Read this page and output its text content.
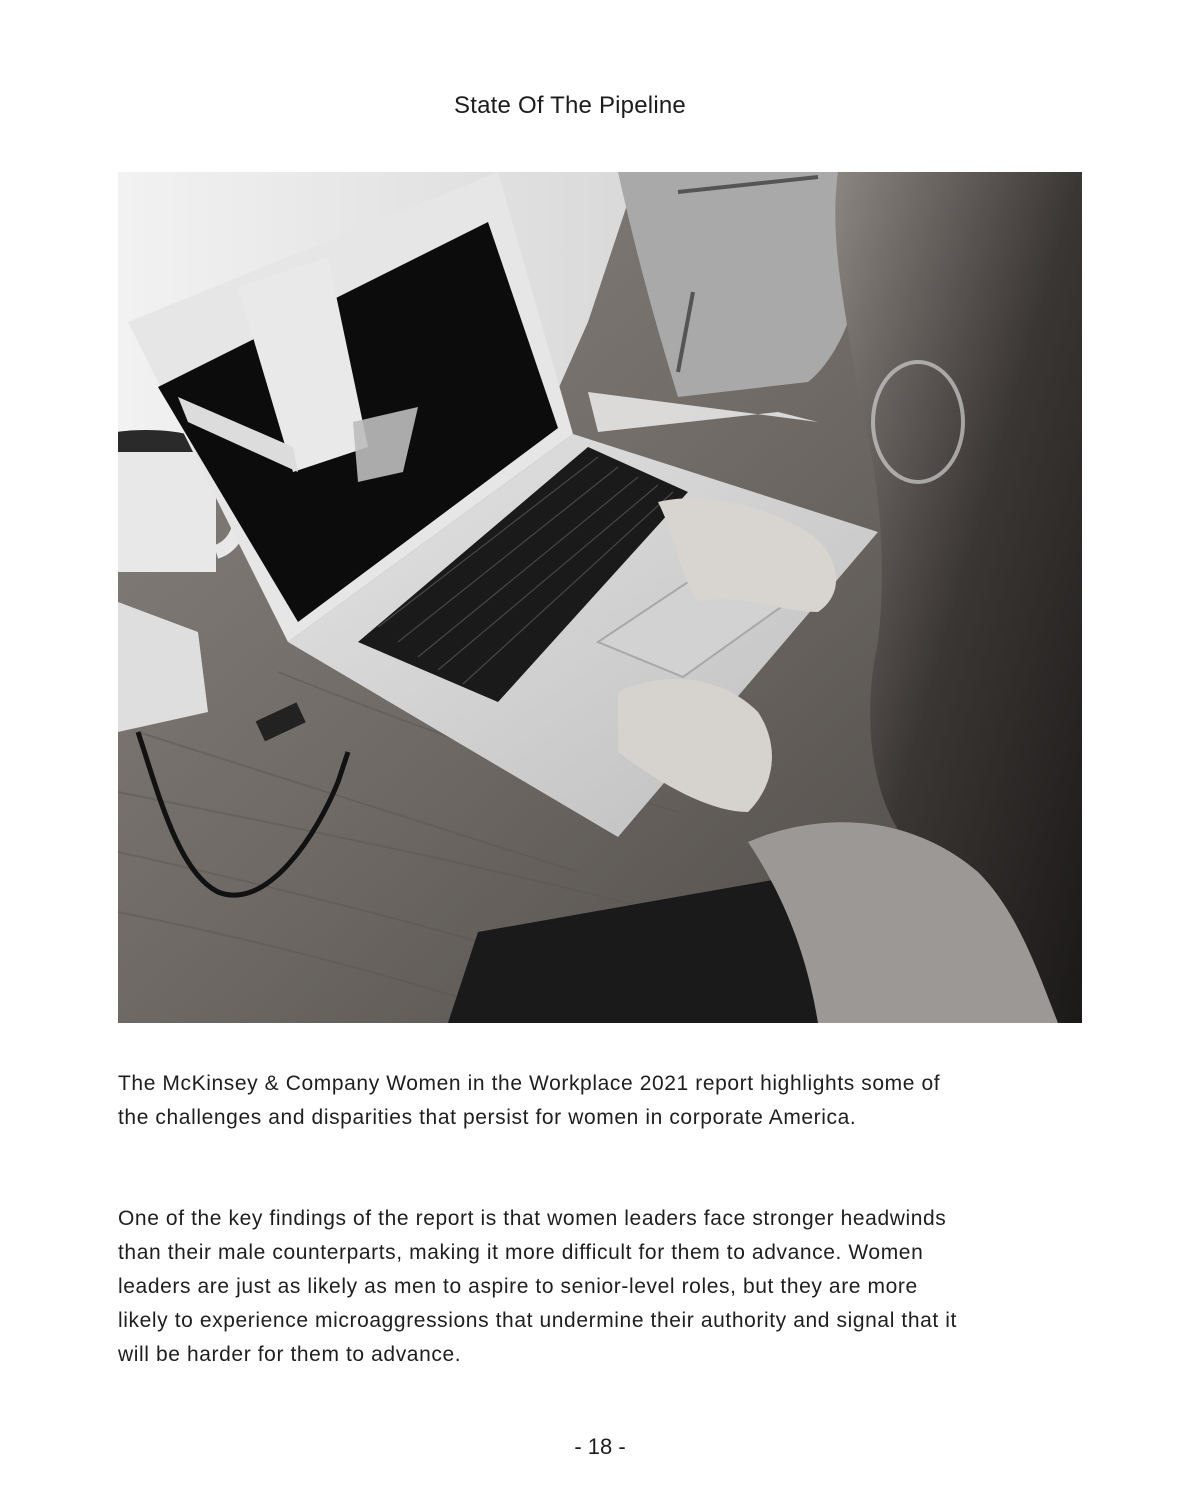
State Of The Pipeline

The McKinsey & Company Women in the Workplace 2021 report highlights some of the challenges and disparities that persist for women in corporate America.

One of the key findings of the report is that women leaders face stronger headwinds than their male counterparts, making it more difficult for them to advance. Women leaders are just as likely as men to aspire to senior-level roles, but they are more likely to experience microaggressions that undermine their authority and signal that it will be harder for them to advance.

- 18 -
